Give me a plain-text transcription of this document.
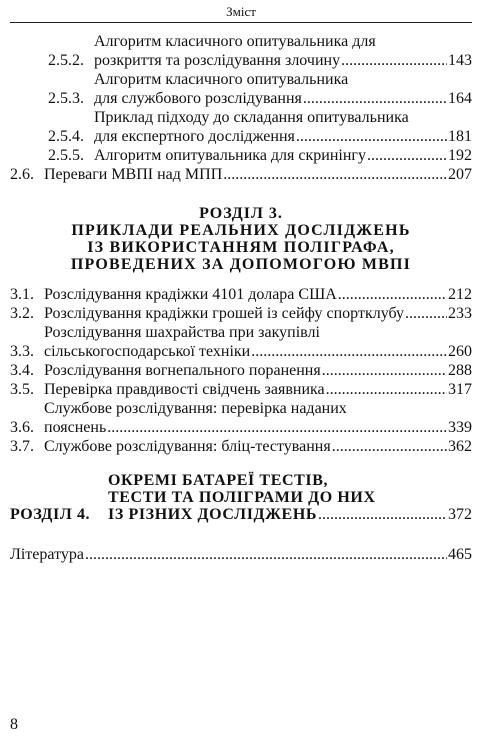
Зміст
2.5.2.
Алгоритм класичного опитувальника для
розкриття та розслідування злочину .....	143
2.5.3.
Алгоритм класичного опитувальника
для службового розслідування .....	164
2.5.4.
Приклад підходу до складання опитувальника
для експертного дослідження .....	181
2.5.5. Алгоритм опитувальника для скринінгу .....	192
2.6. Переваги МВПІ над МПП .....	207
РОЗДІЛ 3.
ПРИКЛАДИ РЕАЛЬНИХ ДОСЛІДЖЕНЬ
ІЗ ВИКОРИСТАННЯМ ПОЛІГРАФА,
ПРОВЕДЕНИХ ЗА ДОПОМОГОЮ МВПІ
3.1. Розслідування крадіжки 4101 долара США .....	212
3.2. Розслідування крадіжки грошей із сейфу спортклубу .....	233
3.3.
Розслідування шахрайства при закупівлі
сільськогосподарської техніки .....	260
3.4. Розслідування вогнепального поранення .....	288
3.5. Перевірка правдивості свідчень заявника .....	317
3.6.
Службове розслідування: перевірка наданих
пояснень .....	339
3.7. Службове розслідування: бліц-тестування .....	362
РОЗДІЛ 4.
ОКРЕМІ БАТАРЕЇ ТЕСТІВ,
ТЕСТИ ТА ПОЛІГРАМИ ДО НИХ
ІЗ РІЗНИХ ДОСЛІДЖЕНЬ .....	372
Література .....	465
8
